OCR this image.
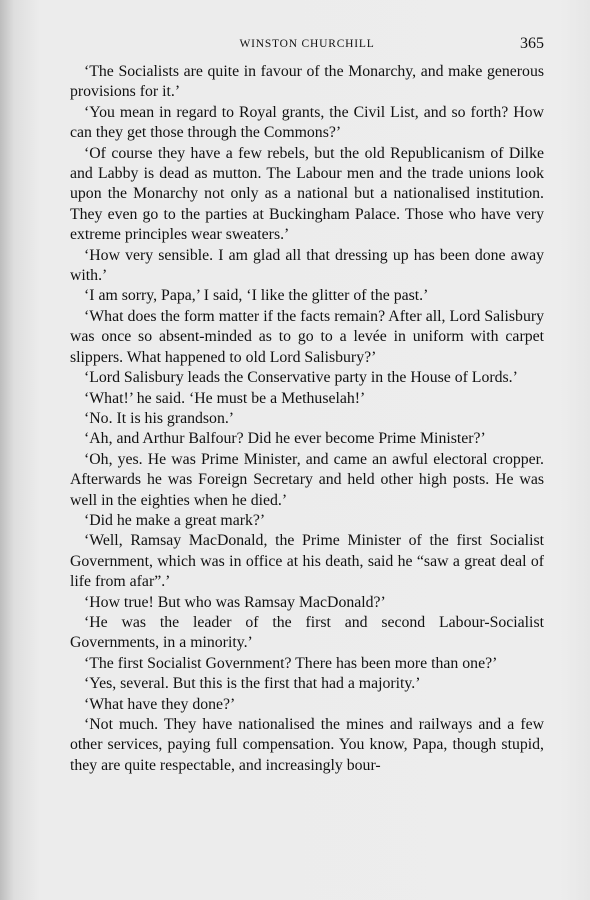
WINSTON CHURCHILL	365

‘The Socialists are quite in favour of the Monarchy, and make generous provisions for it.’

‘You mean in regard to Royal grants, the Civil List, and so forth? How can they get those through the Commons?’

‘Of course they have a few rebels, but the old Republicanism of Dilke and Labby is dead as mutton. The Labour men and the trade unions look upon the Monarchy not only as a national but a nationalised institution. They even go to the parties at Buckingham Palace. Those who have very extreme principles wear sweaters.’

‘How very sensible. I am glad all that dressing up has been done away with.’

‘I am sorry, Papa,’ I said, ‘I like the glitter of the past.’

‘What does the form matter if the facts remain? After all, Lord Salisbury was once so absent-minded as to go to a levée in uniform with carpet slippers. What happened to old Lord Salisbury?’

‘Lord Salisbury leads the Conservative party in the House of Lords.’

‘What!’ he said. ‘He must be a Methuselah!’

‘No. It is his grandson.’

‘Ah, and Arthur Balfour? Did he ever become Prime Minister?’

‘Oh, yes. He was Prime Minister, and came an awful electoral cropper. Afterwards he was Foreign Secretary and held other high posts. He was well in the eighties when he died.’

‘Did he make a great mark?’

‘Well, Ramsay MacDonald, the Prime Minister of the first Socialist Government, which was in office at his death, said he “saw a great deal of life from afar”.’

‘How true! But who was Ramsay MacDonald?’

‘He was the leader of the first and second Labour-Socialist Governments, in a minority.’

‘The first Socialist Government? There has been more than one?’

‘Yes, several. But this is the first that had a majority.’

‘What have they done?’

‘Not much. They have nationalised the mines and railways and a few other services, paying full compensation. You know, Papa, though stupid, they are quite respectable, and increasingly bour-
